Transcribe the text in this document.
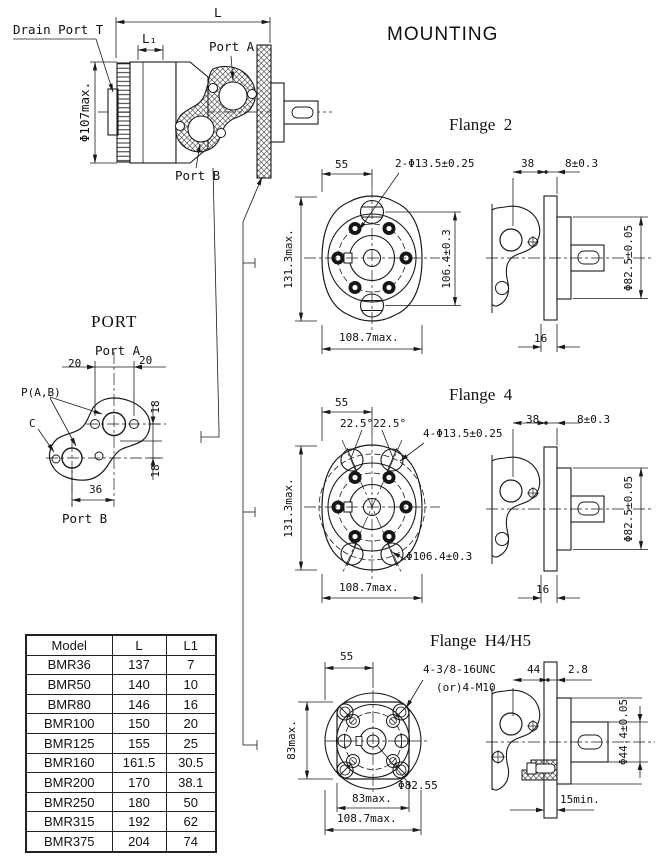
MOUNTING
Drain Port T
L
L₁
Port A
Port B
Φ107max.
PORT
Port A
20	20
P(A,B)
C
18
18
36
Port B
Flange  2
55	2-Φ13.5±0.25
131.3max.	106.4±0.3
108.7max.
38	8±0.3
Φ82.5±0.05
16
Flange  4
55
22.5° 22.5°
4-Φ13.5±0.25
131.3max.
Φ106.4±0.3
108.7max.
38	8±0.3
Φ82.5±0.05
16
Flange  H4/H5
55
4-3/8-16UNC
(or)4-M10
83max.
Φ82.55
83max.
108.7max.
44	2.8
Φ44.4±0.05
15min.
Model	L	L1
BMR36	137	7
BMR50	140	10
BMR80	146	16
BMR100	150	20
BMR125	155	25
BMR160	161.5	30.5
BMR200	170	38.1
BMR250	180	50
BMR315	192	62
BMR375	204	74
